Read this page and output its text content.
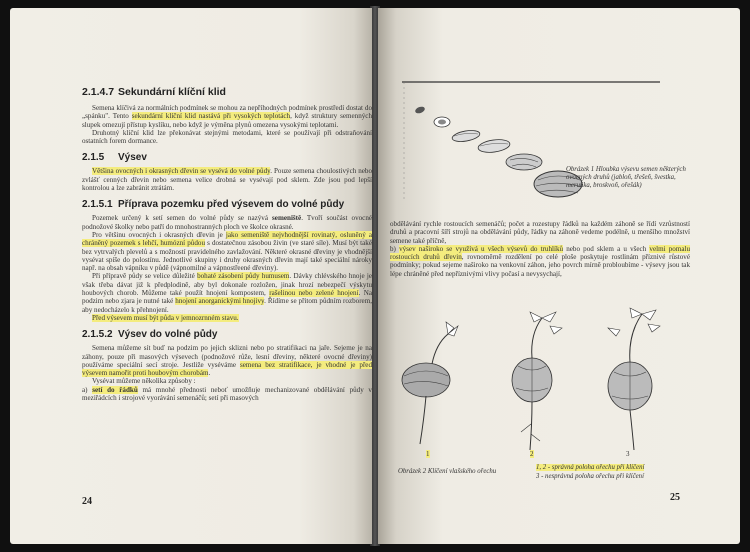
2.1.4.7 Sekundární klíční klid

Semena klíčivá za normálních podmínek se mohou za nepříhodných podmínek prostředí dostat do „spánku". Tento sekundární klíční klid nastává při vysokých teplotách, když struktury semenných slupek omezují přístup kyslíku, nebo když je výměna plynů omezena vysokými teplotami.

Druhotný klíční klid lze překonávat stejnými metodami, které se používají při odstraňování ostatních forem dormance.

2.1.5 Výsev

Většina ovocných i okrasných dřevin se vysévá do volné půdy. Pouze semena choulostivých nebo zvlášť cenných dřevin nebo semena velice drobná se vysévají pod sklem. Zde jsou pod lepší kontrolou a lze zabránit ztrátám.

2.1.5.1 Příprava pozemku před výsevem do volné půdy

Pozemek určený k setí semen do volné půdy se nazývá semeniště. Tvoří součást ovocné podnožové školky nebo patří do mnohostranných ploch ve školce okrasné.

Pro většinu ovocných i okrasných dřevin je jako semeniště nejvhodnější rovinatý, osluněný a chráněný pozemek s lehčí, humózní půdou s dostatečnou zásobou živin (ve staré síle). Musí být také bez vytrvalých plevelů a s možností pravidelného zavlažování. Některé okrasné dřeviny je vhodnější vysévat spíše do polostínu. Jednotlivé skupiny i druhy okrasných dřevin mají také speciální nároky např. na obsah vápníku v půdě (vápnomilné a vápnostřeené dřeviny).

Při přípravě půdy se velice důležité bohaté zásobení půdy humusem. Dávky chlévského hnoje je však třeba dávat již k předplodině, aby byl dokonale rozložen, jinak hrozí nebezpečí výskytu houbových chorob. Můžeme také použít hnojení kompostem, rašelinou nebo zelené hnojení. Na podzim nebo zjara je nutné také hnojení anorganickými hnojivy. Řídíme se přitom půdním rozborem, aby nedocházelo k přehnojení.

Před výsevem musí být půda v jemnozrnném stavu.

2.1.5.2 Výsev do volné půdy

Semena můžeme sít buď na podzim po jejich sklizni nebo po stratifikaci na jaře. Sejeme je na záhony, pouze při masových výsevech (podnožové růže, lesní dřeviny, některé ovocné dřeviny) používáme speciální secí stroje. Jestliže vyséváme semena bez stratifikace, je vhodné je před výsevem namořit proti houbovým chorobám.

Vysévat můžeme několika způsoby :

a) setí do řádků má mnohé přednosti neboť umožňuje mechanizované obdělávání půdy v meziřádcích i strojové vyorávání semenáčů; setí při masových

24
Obrázek 1 Hloubka výsevu semen některých ovocných druhů (jabloň, třešeň, švestka, meruňka, broskvoň, ořešák)

obdělávání rychle rostoucích semenáčů; počet a rozestupy řádků na každém záhoně se řídí vzrůstností druhů a pracovní šíří strojů na obdělávání půdy, řádky na záhoně vedeme podélně, u menšího množství semene také příčně,

b) výsev naširoko se využívá u všech výsevů do truhlíků nebo pod sklem a u všech velmi pomalu rostoucích druhů dřevin, rovnoměrně rozdělení po celé ploše poskytuje rostlinám příznivé růstové podmínky; pokud sejeme naširoko na venkovní záhon, jeho povrch mírně probloubíme - výsevy jsou tak lépe chráněné před nepříznivými vlivy počasí a nevysychají,

1	2	3
Obrázek 2 Klíčení vlašského ořechu
1, 2 - správná poloha ořechu při klíčení
3 - nesprávná poloha ořechu při klíčení
25
